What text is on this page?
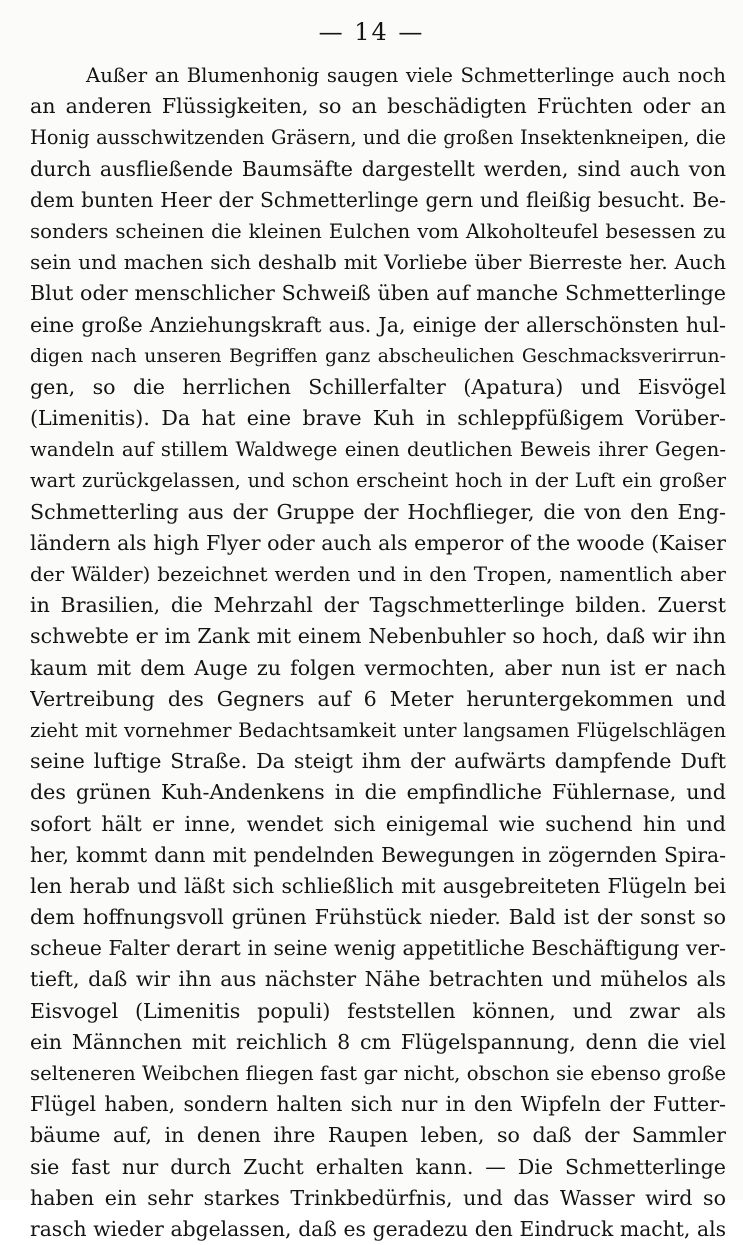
— 14 —
Außer an Blumenhonig saugen viele Schmetterlinge auch noch
an anderen Flüssigkeiten, so an beschädigten Früchten oder an
Honig ausschwitzenden Gräsern, und die großen Insektenkneipen, die
durch ausfließende Baumsäfte dargestellt werden, sind auch von
dem bunten Heer der Schmetterlinge gern und fleißig besucht. Be-
sonders scheinen die kleinen Eulchen vom Alkoholteufel besessen zu
sein und machen sich deshalb mit Vorliebe über Bierreste her. Auch
Blut oder menschlicher Schweiß üben auf manche Schmetterlinge
eine große Anziehungskraft aus. Ja, einige der allerschönsten hul-
digen nach unseren Begriffen ganz abscheulichen Geschmacksverirrun-
gen, so die herrlichen Schillerfalter (Apatura) und Eisvögel
(Limenitis). Da hat eine brave Kuh in schleppfüßigem Vorüber-
wandeln auf stillem Waldwege einen deutlichen Beweis ihrer Gegen-
wart zurückgelassen, und schon erscheint hoch in der Luft ein großer
Schmetterling aus der Gruppe der Hochflieger, die von den Eng-
ländern als high Flyer oder auch als emperor of the woode (Kaiser
der Wälder) bezeichnet werden und in den Tropen, namentlich aber
in Brasilien, die Mehrzahl der Tagschmetterlinge bilden. Zuerst
schwebte er im Zank mit einem Nebenbuhler so hoch, daß wir ihn
kaum mit dem Auge zu folgen vermochten, aber nun ist er nach
Vertreibung des Gegners auf 6 Meter heruntergekommen und
zieht mit vornehmer Bedachtsamkeit unter langsamen Flügelschlägen
seine luftige Straße. Da steigt ihm der aufwärts dampfende Duft
des grünen Kuh-Andenkens in die empfindliche Fühlernase, und
sofort hält er inne, wendet sich einigemal wie suchend hin und
her, kommt dann mit pendelnden Bewegungen in zögernden Spira-
len herab und läßt sich schließlich mit ausgebreiteten Flügeln bei
dem hoffnungsvoll grünen Frühstück nieder. Bald ist der sonst so
scheue Falter derart in seine wenig appetitliche Beschäftigung ver-
tieft, daß wir ihn aus nächster Nähe betrachten und mühelos als
Eisvogel (Limenitis populi) feststellen können, und zwar als
ein Männchen mit reichlich 8 cm Flügelspannung, denn die viel
selteneren Weibchen fliegen fast gar nicht, obschon sie ebenso große
Flügel haben, sondern halten sich nur in den Wipfeln der Futter-
bäume auf, in denen ihre Raupen leben, so daß der Sammler
sie fast nur durch Zucht erhalten kann. — Die Schmetterlinge
haben ein sehr starkes Trinkbedürfnis, und das Wasser wird so
rasch wieder abgelassen, daß es geradezu den Eindruck macht, als
